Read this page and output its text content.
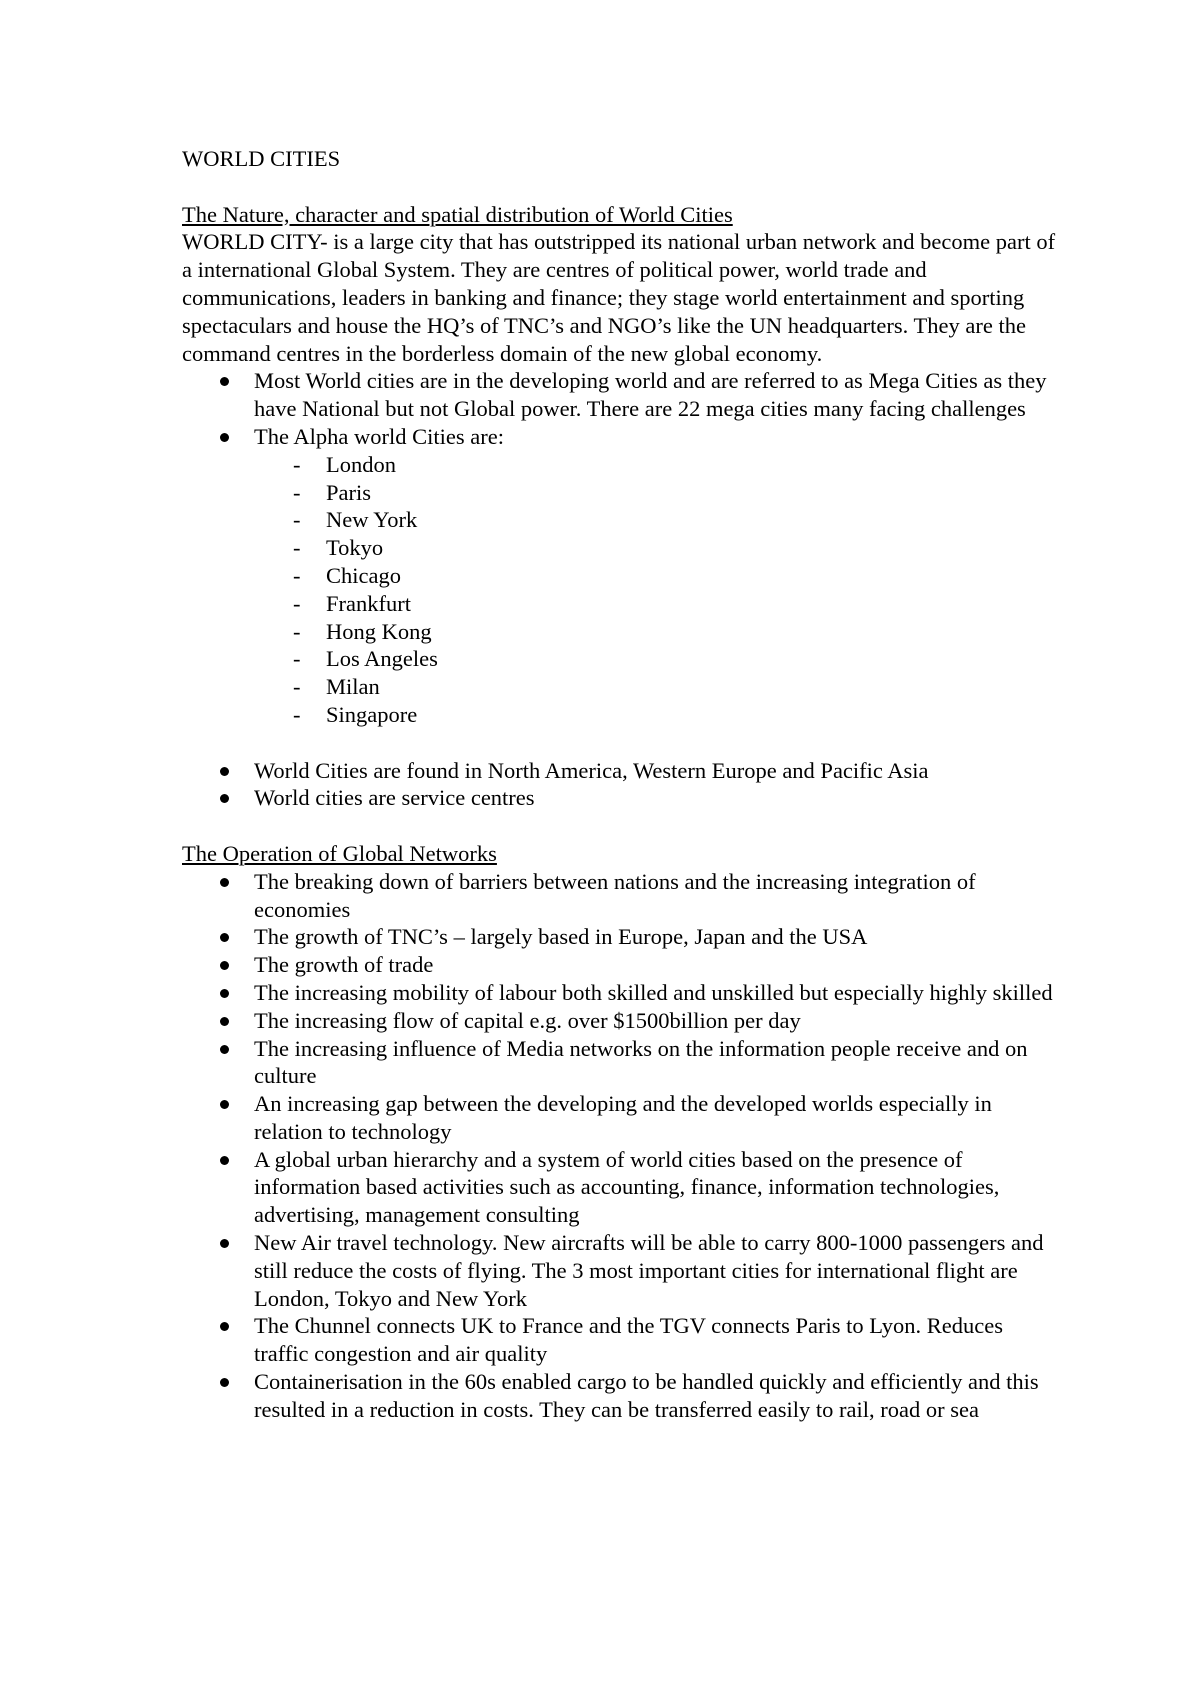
WORLD CITIES
The Nature, character and spatial distribution of World Cities

WORLD CITY- is a large city that has outstripped its national urban network and become part of a international Global System. They are centres of political power, world trade and communications, leaders in banking and finance; they stage world entertainment and sporting spectaculars and house the HQ’s of TNC’s and NGO’s like the UN headquarters. They are the command centres in the borderless domain of the new global economy.

Most World cities are in the developing world and are referred to as Mega Cities as they have National but not Global power. There are 22 mega cities many facing challenges
The Alpha world Cities are:
- London
- Paris
- New York
- Tokyo
- Chicago
- Frankfurt
- Hong Kong
- Los Angeles
- Milan
- Singapore
World Cities are found in North America, Western Europe and Pacific Asia
World cities are service centres
The Operation of Global Networks
The breaking down of barriers between nations and the increasing integration of economies
The growth of TNC’s – largely based in Europe, Japan and the USA
The growth of trade
The increasing mobility of labour both skilled and unskilled but especially highly skilled
The increasing flow of capital e.g. over $1500billion per day
The increasing influence of Media networks on the information people receive and on culture
An increasing gap between the developing and the developed worlds especially in relation to technology
A global urban hierarchy and a system of world cities based on the presence of information based activities such as accounting, finance, information technologies, advertising, management consulting
New Air travel technology. New aircrafts will be able to carry 800-1000 passengers and still reduce the costs of flying. The 3 most important cities for international flight are London, Tokyo and New York
The Chunnel connects UK to France and the TGV connects Paris to Lyon. Reduces traffic congestion and air quality
Containerisation in the 60s enabled cargo to be handled quickly and efficiently and this resulted in a reduction in costs. They can be transferred easily to rail, road or sea
